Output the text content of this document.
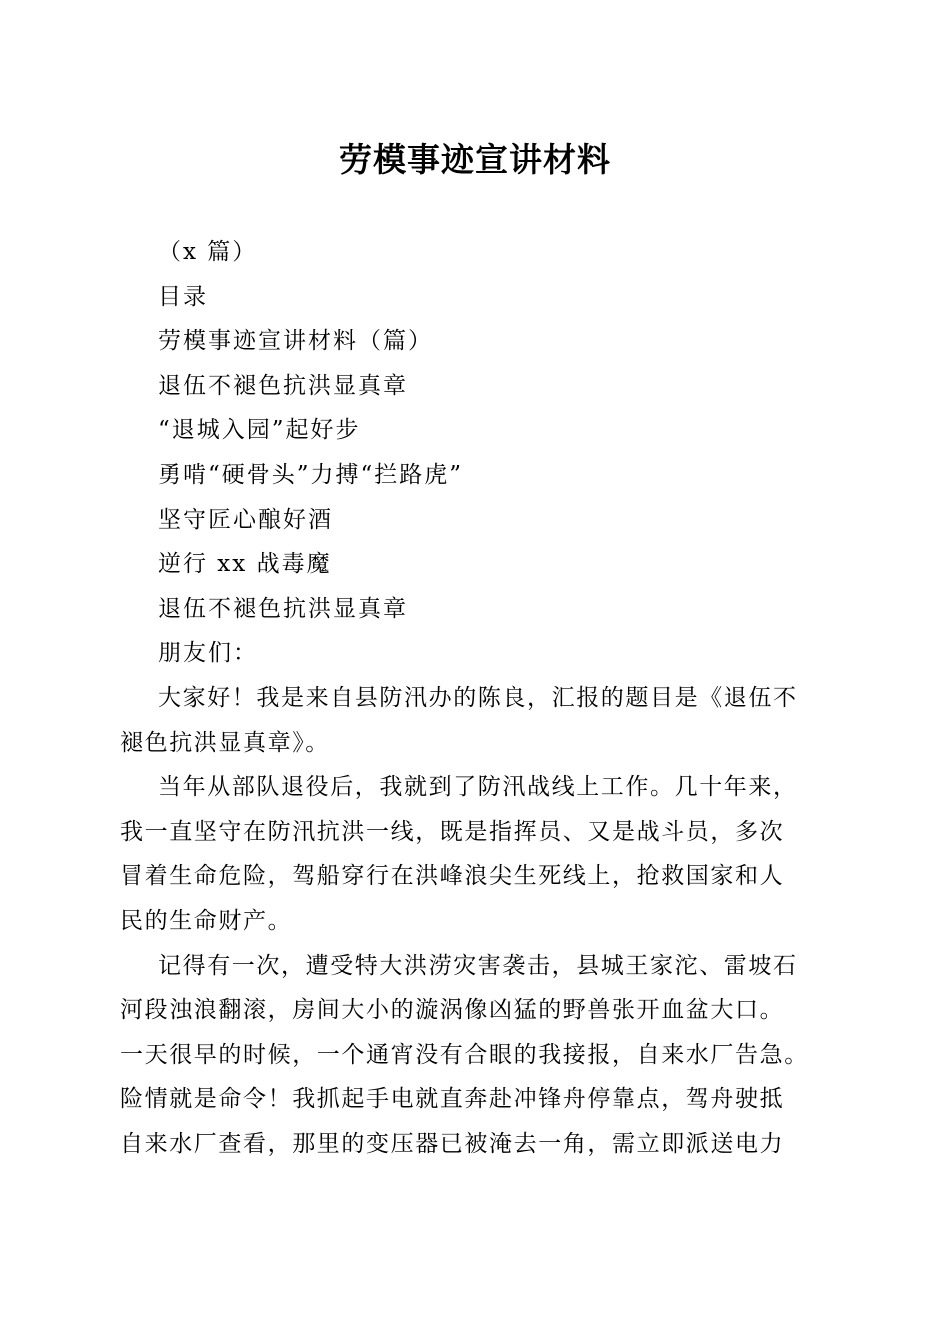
劳模事迹宣讲材料
（x 篇）
目录
劳模事迹宣讲材料（篇）
退伍不褪色抗洪显真章
“退城入园”起好步
勇啃“硬骨头”力搏“拦路虎”
坚守匠心酿好酒
逆行 xx 战毒魔
退伍不褪色抗洪显真章
朋友们：

大家好！我是来自县防汛办的陈良，汇报的题目是《退伍不
褪色抗洪显真章》。

当年从部队退役后，我就到了防汛战线上工作。几十年来，
我一直坚守在防汛抗洪一线，既是指挥员、又是战斗员，多次
冒着生命危险，驾船穿行在洪峰浪尖生死线上，抢救国家和人
民的生命财产。

记得有一次，遭受特大洪涝灾害袭击，县城王家沱、雷坡石
河段浊浪翻滚，房间大小的漩涡像凶猛的野兽张开血盆大口。
一天很早的时候，一个通宵没有合眼的我接报，自来水厂告急。
险情就是命令！我抓起手电就直奔赴冲锋舟停靠点，驾舟驶抵
自来水厂查看，那里的变压器已被淹去一角，需立即派送电力
